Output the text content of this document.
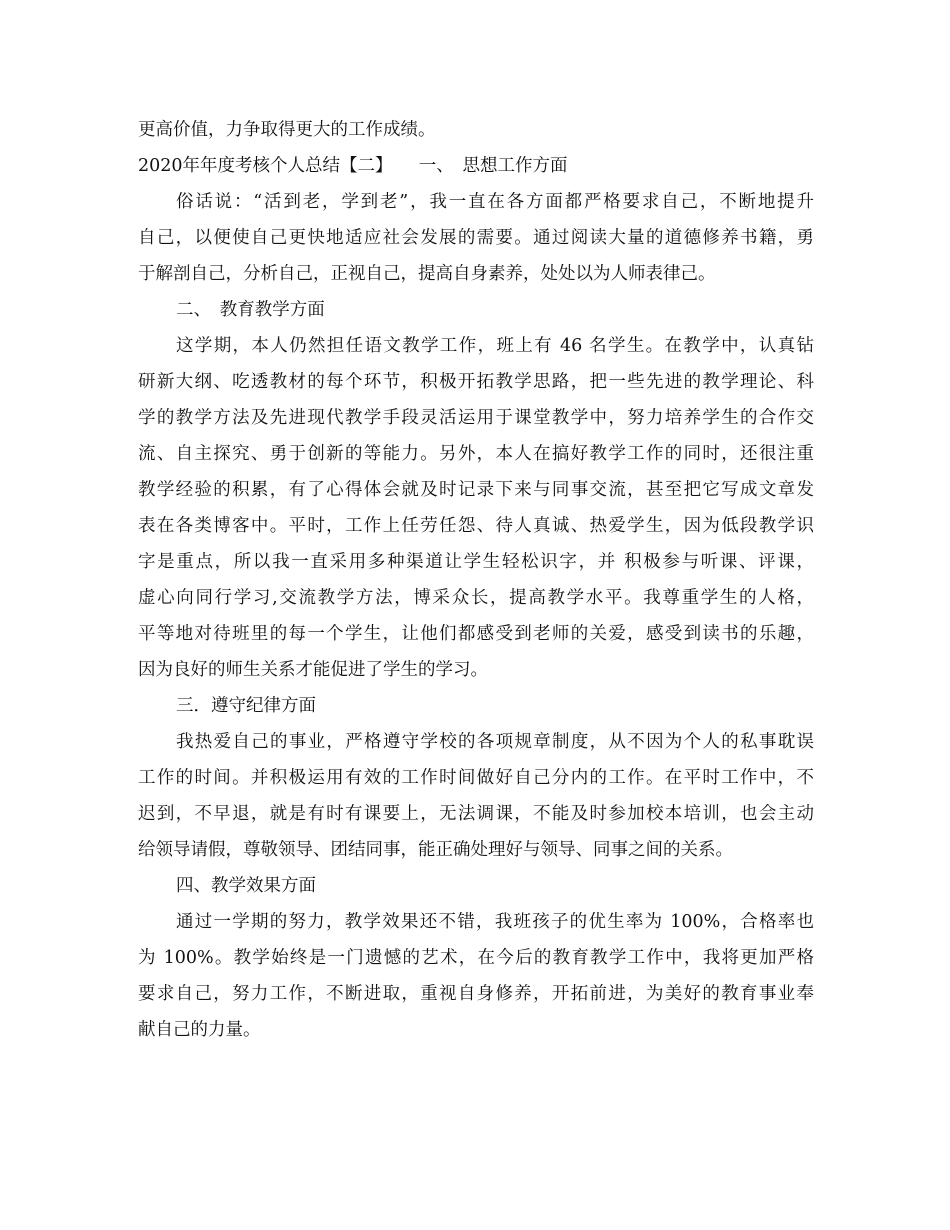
更高价值，力争取得更大的工作成绩。
2020年年度考核个人总结【二】　　一、　思想工作方面
俗话说：“活到老，学到老”，我一直在各方面都严格要求自己，不断地提升
自己，以便使自己更快地适应社会发展的需要。通过阅读大量的道德修养书籍，勇
于解剖自己，分析自己，正视自己，提高自身素养，处处以为人师表律己。
二、　教育教学方面
这学期，本人仍然担任语文教学工作，班上有 46 名学生。在教学中，认真钻
研新大纲、吃透教材的每个环节，积极开拓教学思路，把一些先进的教学理论、科
学的教学方法及先进现代教学手段灵活运用于课堂教学中，努力培养学生的合作交
流、自主探究、勇于创新的等能力。另外，本人在搞好教学工作的同时，还很注重
教学经验的积累，有了心得体会就及时记录下来与同事交流，甚至把它写成文章发
表在各类博客中。平时，工作上任劳任怨、待人真诚、热爱学生，因为低段教学识
字是重点，所以我一直采用多种渠道让学生轻松识字，并 积极参与听课、评课，
虚心向同行学习,交流教学方法，博采众长，提高教学水平。我尊重学生的人格，
平等地对待班里的每一个学生，让他们都感受到老师的关爱，感受到读书的乐趣，
因为良好的师生关系才能促进了学生的学习。
三．遵守纪律方面
我热爱自己的事业，严格遵守学校的各项规章制度，从不因为个人的私事耽误
工作的时间。并积极运用有效的工作时间做好自己分内的工作。在平时工作中，不
迟到，不早退，就是有时有课要上，无法调课，不能及时参加校本培训，也会主动
给领导请假，尊敬领导、团结同事，能正确处理好与领导、同事之间的关系。
四、教学效果方面
通过一学期的努力，教学效果还不错，我班孩子的优生率为 100%，合格率也
为 100%。教学始终是一门遗憾的艺术，在今后的教育教学工作中，我将更加严格
要求自己，努力工作，不断进取，重视自身修养，开拓前进，为美好的教育事业奉
献自己的力量。
